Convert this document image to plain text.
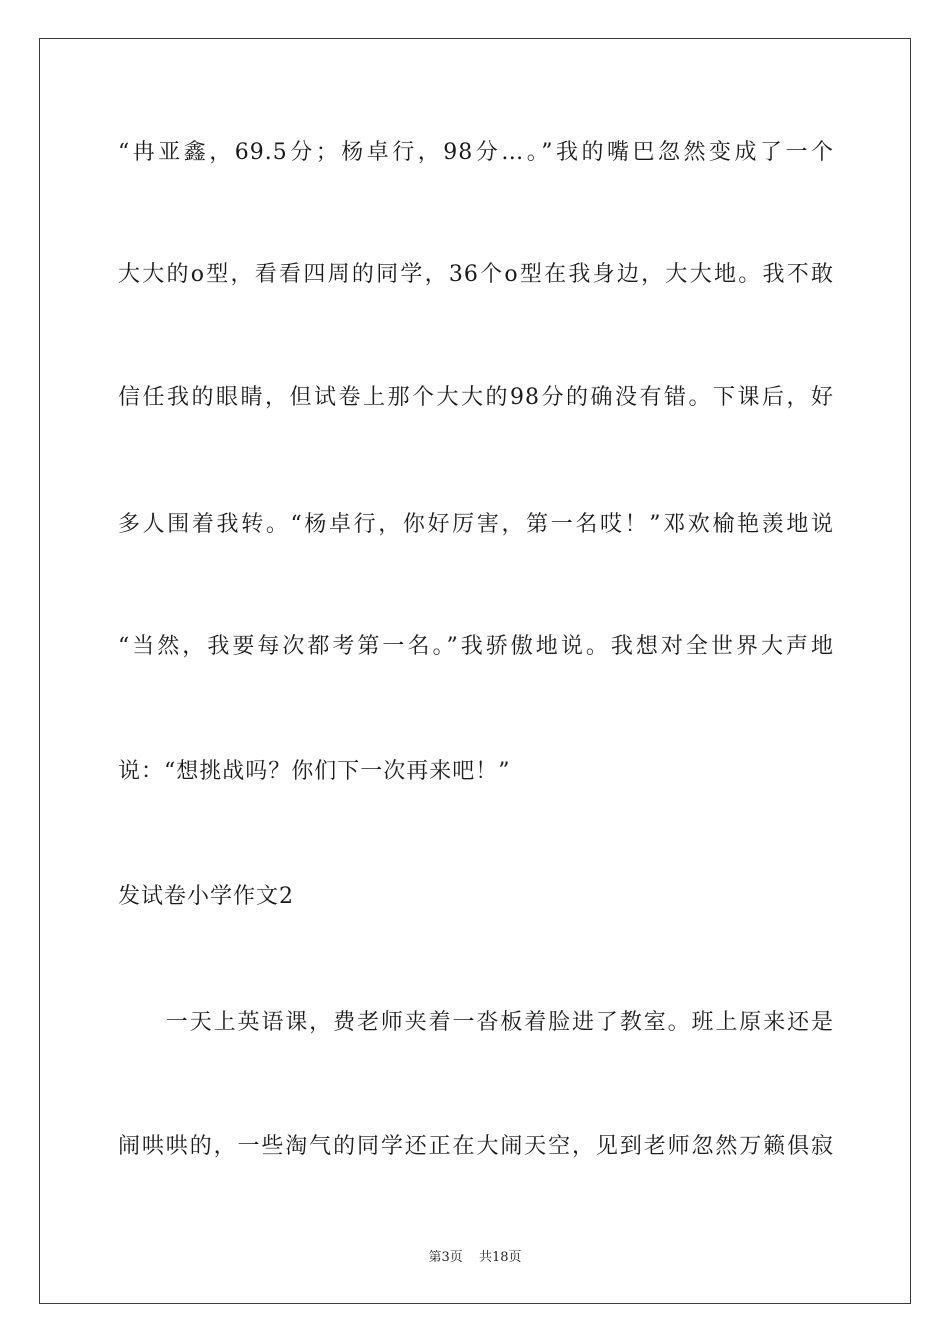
“冉亚鑫，69.5分；杨卓行，98分…。”我的嘴巴忽然变成了一个
大大的o型，看看四周的同学，36个o型在我身边，大大地。我不敢
信任我的眼睛，但试卷上那个大大的98分的确没有错。下课后，好
多人围着我转。“杨卓行，你好厉害，第一名哎！”邓欢榆艳羡地说
“当然，我要每次都考第一名。”我骄傲地说。我想对全世界大声地
说：“想挑战吗？你们下一次再来吧！”
发试卷小学作文2
　　一天上英语课，费老师夹着一沓板着脸进了教室。班上原来还是
闹哄哄的，一些淘气的同学还正在大闹天空，见到老师忽然万籁俱寂
第3页 共18页
